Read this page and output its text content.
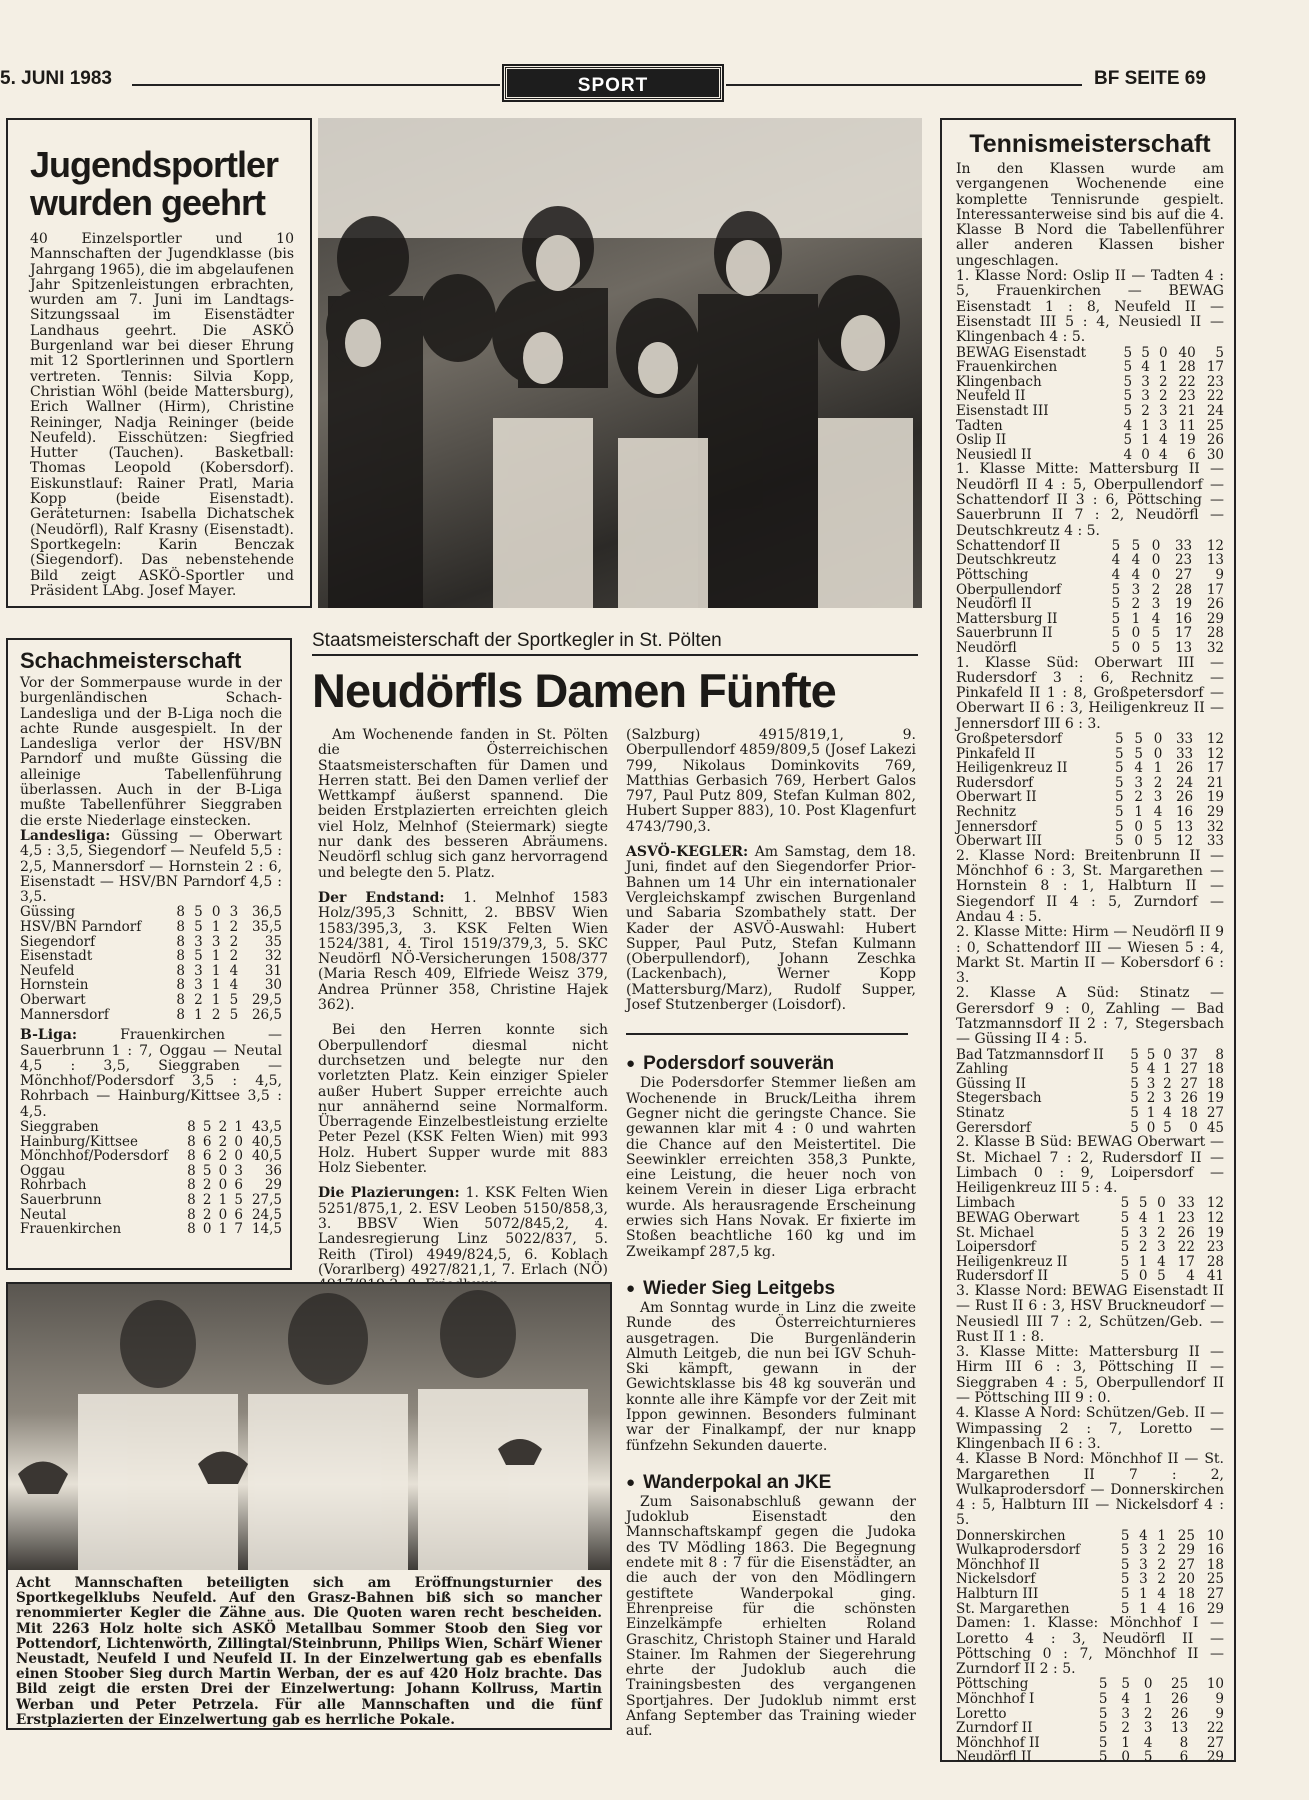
5. JUNI 1983	SPORT	BF SEITE 69
Jugendsportler
wurden geehrt
40 Einzelsportler und 10 Mannschaften der Jugendklasse (bis Jahrgang 1965), die im abgelaufenen Jahr Spitzenleistungen erbrachten, wurden am 7. Juni im Landtags-Sitzungssaal im Eisenstädter Landhaus geehrt. Die ASKÖ Burgenland war bei dieser Ehrung mit 12 Sportlerinnen und Sportlern vertreten. Tennis: Silvia Kopp, Christian Wöhl (beide Mattersburg), Erich Wallner (Hirm), Christine Reininger, Nadja Reininger (beide Neufeld). Eisschützen: Siegfried Hutter (Tauchen). Basketball: Thomas Leopold (Kobersdorf). Eiskunstlauf: Rainer Pratl, Maria Kopp (beide Eisenstadt). Geräteturnen: Isabella Dichatschek (Neudörfl), Ralf Krasny (Eisenstadt). Sportkegeln: Karin Benczak (Siegendorf). Das nebenstehende Bild zeigt ASKÖ-Sportler und Präsident LAbg. Josef Mayer.
Tennismeisterschaft
In den Klassen wurde am vergangenen Wochenende eine komplette Tennisrunde gespielt. Interessanterweise sind bis auf die 4. Klasse B Nord die Tabellenführer aller anderen Klassen bisher ungeschlagen.
1. Klasse Nord: Oslip II — Tadten 4 : 5, Frauenkirchen — BEWAG Eisenstadt 1 : 8, Neufeld II — Eisenstadt III 5 : 4, Neusiedl II — Klingenbach 4 : 5.
BEWAG Eisenstadt	5	5	0	40	5
Frauenkirchen	5	4	1	28	17
Klingenbach	5	3	2	22	23
Neufeld II	5	3	2	23	22
Eisenstadt III	5	2	3	21	24
Tadten	4	1	3	11	25
Oslip II	5	1	4	19	26
Neusiedl II	4	0	4	6	30
1. Klasse Mitte: Mattersburg II — Neudörfl II 4 : 5, Oberpullendorf — Schattendorf II 3 : 6, Pöttsching — Sauerbrunn II 7 : 2, Neudörfl — Deutschkreutz 4 : 5.
Schattendorf II	5	5	0	33	12
Deutschkreutz	4	4	0	23	13
Pöttsching	4	4	0	27	9
Oberpullendorf	5	3	2	28	17
Neudörfl II	5	2	3	19	26
Mattersburg II	5	1	4	16	29
Sauerbrunn II	5	0	5	17	28
Neudörfl	5	0	5	13	32
1. Klasse Süd: Oberwart III — Rudersdorf 3 : 6, Rechnitz — Pinkafeld II 1 : 8, Großpetersdorf — Oberwart II 6 : 3, Heiligenkreuz II — Jennersdorf III 6 : 3.
Großpetersdorf	5	5	0	33	12
Pinkafeld II	5	5	0	33	12
Heiligenkreuz II	5	4	1	26	17
Rudersdorf	5	3	2	24	21
Oberwart II	5	2	3	26	19
Rechnitz	5	1	4	16	29
Jennersdorf	5	0	5	13	32
Oberwart III	5	0	5	12	33
2. Klasse Nord: Breitenbrunn II — Mönchhof 6 : 3, St. Margarethen — Hornstein 8 : 1, Halbturn II — Siegendorf II 4 : 5, Zurndorf — Andau 4 : 5.
2. Klasse Mitte: Hirm — Neudörfl II 9 : 0, Schattendorf III — Wiesen 5 : 4, Markt St. Martin II — Kobersdorf 6 : 3.
2. Klasse A Süd: Stinatz — Gerersdorf 9 : 0, Zahling — Bad Tatzmannsdorf II 2 : 7, Stegersbach — Güssing II 4 : 5.
Bad Tatzmannsdorf II	5	5	0	37	8
Zahling	5	4	1	27	18
Güssing II	5	3	2	27	18
Stegersbach	5	2	3	26	19
Stinatz	5	1	4	18	27
Gerersdorf	5	0	5	0	45
2. Klasse B Süd: BEWAG Oberwart — St. Michael 7 : 2, Rudersdorf II — Limbach 0 : 9, Loipersdorf — Heiligenkreuz III 5 : 4.
Limbach	5	5	0	33	12
BEWAG Oberwart	5	4	1	23	12
St. Michael	5	3	2	26	19
Loipersdorf	5	2	3	22	23
Heiligenkreuz II	5	1	4	17	28
Rudersdorf II	5	0	5	4	41
3. Klasse Nord: BEWAG Eisenstadt II — Rust II 6 : 3, HSV Bruckneudorf — Neusiedl III 7 : 2, Schützen/Geb. — Rust II 1 : 8.
3. Klasse Mitte: Mattersburg II — Hirm III 6 : 3, Pöttsching II — Sieggraben 4 : 5, Oberpullendorf II — Pöttsching III 9 : 0.
4. Klasse A Nord: Schützen/Geb. II — Wimpassing 2 : 7, Loretto — Klingenbach II 6 : 3.
4. Klasse B Nord: Mönchhof II — St. Margarethen II 7 : 2, Wulkaprodersdorf — Donnerskirchen 4 : 5, Halbturn III — Nickelsdorf 4 : 5.
Donnerskirchen	5	4	1	25	10
Wulkaprodersdorf	5	3	2	29	16
Mönchhof II	5	3	2	27	18
Nickelsdorf	5	3	2	20	25
Halbturn III	5	1	4	18	27
St. Margarethen	5	1	4	16	29
Damen: 1. Klasse: Mönchhof I — Loretto 4 : 3, Neudörfl II — Pöttsching 0 : 7, Mönchhof II — Zurndorf II 2 : 5.
Pöttsching	5	5	0	25	10
Mönchhof I	5	4	1	26	9
Loretto	5	3	2	26	9
Zurndorf II	5	2	3	13	22
Mönchhof II	5	1	4	8	27
Neudörfl II	5	0	5	6	29
Schachmeisterschaft
Vor der Sommerpause wurde in der burgenländischen Schach-Landesliga und der B-Liga noch die achte Runde ausgespielt. In der Landesliga verlor der HSV/BN Parndorf und mußte Güssing die alleinige Tabellenführung überlassen. Auch in der B-Liga mußte Tabellenführer Sieggraben die erste Niederlage einstecken.
Landesliga: Güssing — Oberwart 4,5 : 3,5, Siegendorf — Neufeld 5,5 : 2,5, Mannersdorf — Hornstein 2 : 6, Eisenstadt — HSV/BN Parndorf 4,5 : 3,5.
Güssing	8	5	0	3	36,5
HSV/BN Parndorf	8	5	1	2	35,5
Siegendorf	8	3	3	2	35
Eisenstadt	8	5	1	2	32
Neufeld	8	3	1	4	31
Hornstein	8	3	1	4	30
Oberwart	8	2	1	5	29,5
Mannersdorf	8	1	2	5	26,5
B-Liga:	Frauenkirchen — Sauerbrunn 1 : 7, Oggau — Neutal 4,5 : 3,5, Sieggraben — Mönchhof/Podersdorf 3,5 : 4,5, Rohrbach — Hainburg/Kittsee 3,5 : 4,5.
Sieggraben	8	5	2	1	43,5
Hainburg/Kittsee	8	6	2	0	40,5
Mönchhof/Podersdorf	8	6	2	0	40,5
Oggau	8	5	0	3	36
Rohrbach	8	2	0	6	29
Sauerbrunn	8	2	1	5	27,5
Neutal	8	2	0	6	24,5
Frauenkirchen	8	0	1	7	14,5
Staatsmeisterschaft der Sportkegler in St. Pölten
Neudörfls Damen Fünfte
Am Wochenende fanden in St. Pölten die Österreichischen Staatsmeisterschaften für Damen und Herren statt. Bei den Damen verlief der Wettkampf äußerst spannend. Die beiden Erstplazierten erreichten gleich viel Holz, Melnhof (Steiermark) siegte nur dank des besseren Abräumens. Neudörfl schlug sich ganz hervorragend und belegte den 5. Platz.
Der Endstand: 1. Melnhof 1583 Holz/395,3 Schnitt, 2. BBSV Wien 1583/395,3, 3. KSK Felten Wien 1524/381, 4. Tirol 1519/379,3, 5. SKC Neudörfl NÖ-Versicherungen 1508/377 (Maria Resch 409, Elfriede Weisz 379, Andrea Prünner 358, Christine Hajek 362).
Bei den Herren konnte sich Oberpullendorf diesmal nicht durchsetzen und belegte nur den vorletzten Platz. Kein einziger Spieler außer Hubert Supper erreichte auch nur annähernd seine Normalform. Überragende Einzelbestleistung erzielte Peter Pezel (KSK Felten Wien) mit 993 Holz. Hubert Supper wurde mit 883 Holz Siebenter.
Die Plazierungen: 1. KSK Felten Wien 5251/875,1, 2. ESV Leoben 5150/858,3, 3. BBSV Wien 5072/845,2, 4. Landesregierung Linz 5022/837, 5. Reith (Tirol) 4949/824,5, 6. Koblach (Vorarlberg) 4927/821,1, 7. Erlach (NÖ)
(Salzburg) 4915/819,1, 9. Oberpullendorf 4859/809,5 (Josef Lakezi 799, Nikolaus Dominkovits 769, Matthias Gerbasich 769, Herbert Galos 797, Paul Putz 809, Stefan Kulman 802, Hubert Supper 883), 10. Post Klagenfurt 4743/790,3.
ASVÖ-KEGLER: Am Samstag, dem 18. Juni, findet auf den Siegendorfer Prior-Bahnen um 14 Uhr ein internationaler Vergleichskampf zwischen Burgenland und Sabaria Szombathely statt. Der Kader der ASVÖ-Auswahl: Hubert Supper, Paul Putz, Stefan Kulmann (Oberpullendorf), Johann Zeschka (Lackenbach), Werner Kopp (Mattersburg/Marz), Rudolf Supper, Josef Stutzenberger (Loisdorf).
● Podersdorf souverän
Die Podersdorfer Stemmer ließen am Wochenende in Bruck/Leitha ihrem Gegner nicht die geringste Chance. Sie gewannen klar mit 4 : 0 und wahrten die Chance auf den Meistertitel. Die Seewinkler erreichten 358,3 Punkte, eine Leistung, die heuer noch von keinem Verein in dieser Liga erbracht wurde. Als herausragende Erscheinung erwies sich Hans Novak. Er fixierte im Stoßen beachtliche 160 kg und im Zweikampf 287,5 kg.
● Wieder Sieg Leitgebs
Am Sonntag wurde in Linz die zweite Runde des Österreichturnieres ausgetragen. Die Burgenländerin Almuth Leitgeb, die nun bei IGV Schuh-Ski kämpft, gewann in der Gewichtsklasse bis 48 kg souverän und konnte alle ihre Kämpfe vor der Zeit mit Ippon gewinnen. Besonders fulminant war der Finalkampf, der nur knapp fünfzehn Sekunden dauerte.
● Wanderpokal an JKE
Zum Saisonabschluß gewann der Judoklub Eisenstadt den Mannschaftskampf gegen die Judoka des TV Mödling 1863. Die Begegnung endete mit 8 : 7 für die Eisenstädter, an die auch der von den Mödlingern gestiftete Wanderpokal ging. Ehrenpreise für die schönsten Einzelkämpfe erhielten Roland Graschitz, Christoph Stainer und Harald Stainer. Im Rahmen der Siegerehrung ehrte der Judoklub auch die Trainingsbesten des vergangenen Sportjahres. Der Judoklub nimmt erst Anfang September das Training wieder auf.
Acht Mannschaften beteiligten sich am Eröffnungsturnier des Sportkegelklubs Neufeld. Auf den Grasz-Bahnen biß sich so mancher renommierter Kegler die Zähne aus. Die Quoten waren recht bescheiden. Mit 2263 Holz holte sich ASKÖ Metallbau Sommer Stoob den Sieg vor Pottendorf, Lichtenwörth, Zillingtal/Steinbrunn, Philips Wien, Schärf Wiener Neustadt, Neufeld I und Neufeld II. In der Einzelwertung gab es ebenfalls einen Stoober Sieg durch Martin Werban, der es auf 420 Holz brachte. Das Bild zeigt die ersten Drei der Einzelwertung: Johann Kollruss, Martin Werban und Peter Petrzela. Für alle Mannschaften und die fünf Erstplazierten der Einzelwertung gab es herrliche Pokale.
